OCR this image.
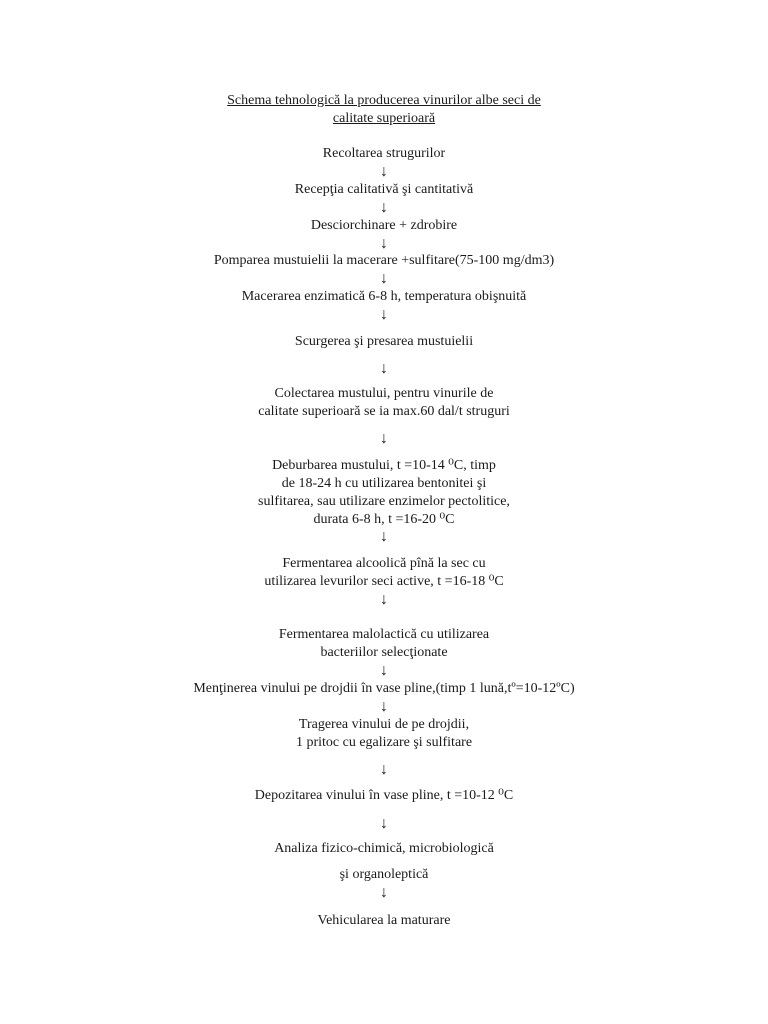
Schema tehnologică la producerea vinurilor albe seci de
calitate superioară
Recoltarea strugurilor
↓
Recepţia calitativă şi cantitativă
↓
Desciorchinare + zdrobire
↓
Pomparea mustuielii la macerare +sulfitare(75-100 mg/dm3)
↓
Macerarea enzimatică 6-8 h, temperatura obişnuită
↓
Scurgerea şi presarea mustuielii
↓
Colectarea mustului, pentru vinurile de
calitate superioară se ia max.60 dal/t struguri
↓
Deburbarea mustului, t =10-14 ⁰C, timp
de 18-24 h cu utilizarea bentonitei şi
sulfitarea, sau utilizare enzimelor pectolitice,
durata 6-8 h, t =16-20 ⁰C
↓
Fermentarea alcoolică pînă la sec cu
utilizarea levurilor seci active, t =16-18 ⁰C
↓
Fermentarea malolactică cu utilizarea
bacteriilor selecţionate
↓
Menţinerea vinului pe drojdii în vase pline,(timp 1 lună,tº=10-12ºC)
↓
Tragerea vinului de pe drojdii,
1 pritoc cu egalizare şi sulfitare
↓
Depozitarea vinului în vase pline, t =10-12 ⁰C
↓
Analiza fizico-chimică, microbiologică
şi organoleptică
↓
Vehicularea la maturare
